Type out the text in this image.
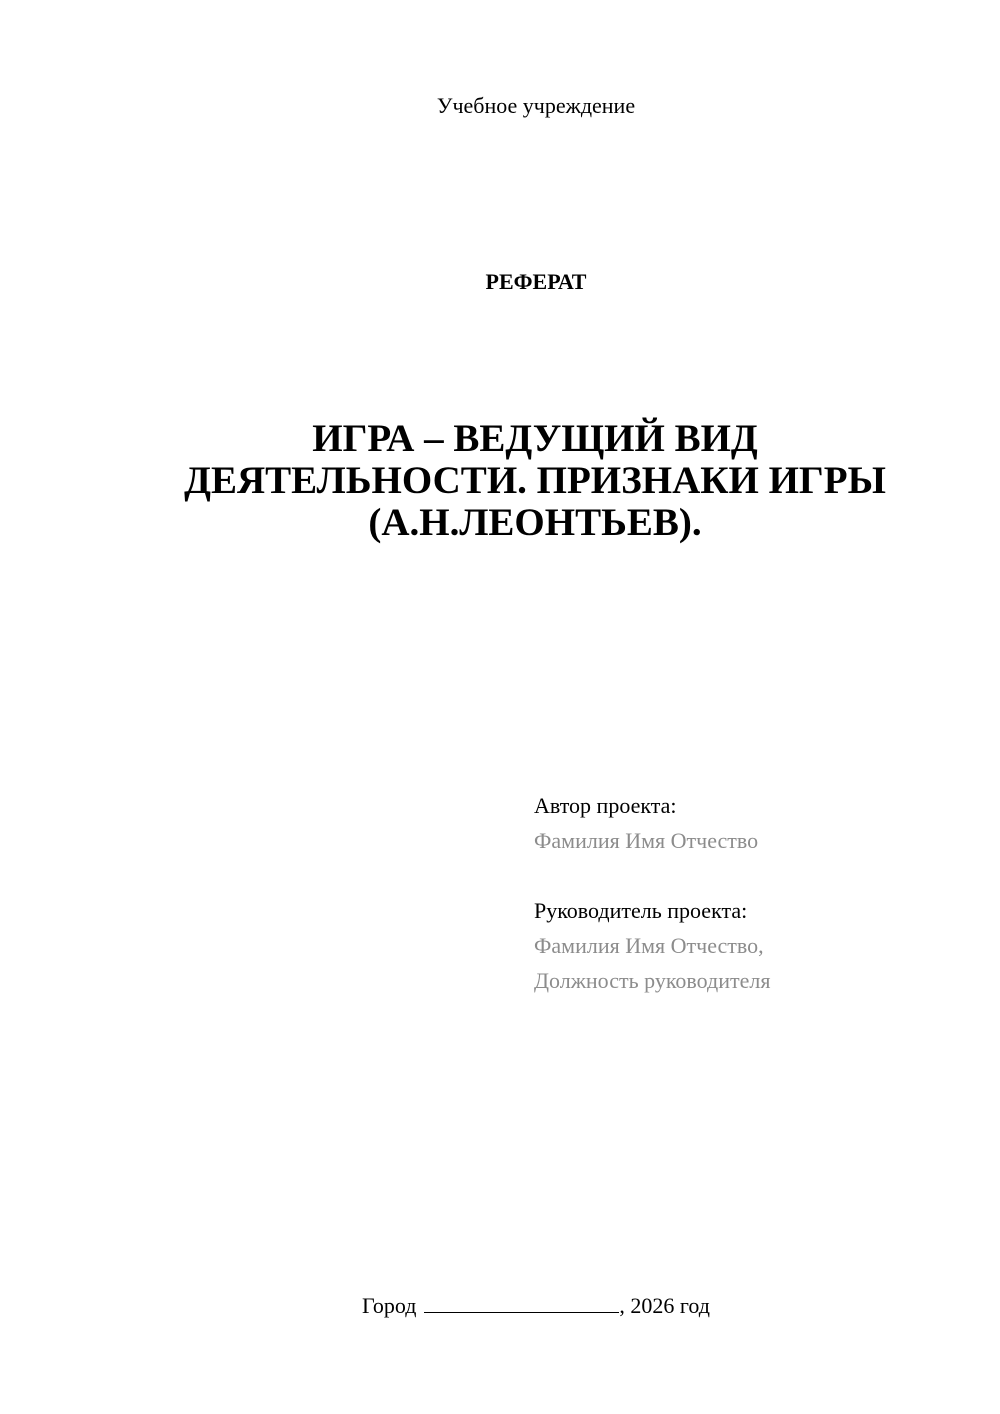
Учебное учреждение
РЕФЕРАТ
ИГРА – ВЕДУЩИЙ ВИД
ДЕЯТЕЛЬНОСТИ. ПРИЗНАКИ ИГРЫ
(А.Н.ЛЕОНТЬЕВ).
Автор проекта:
Фамилия Имя Отчество
Руководитель проекта:
Фамилия Имя Отчество,
Должность руководителя
Город	, 2026 год
